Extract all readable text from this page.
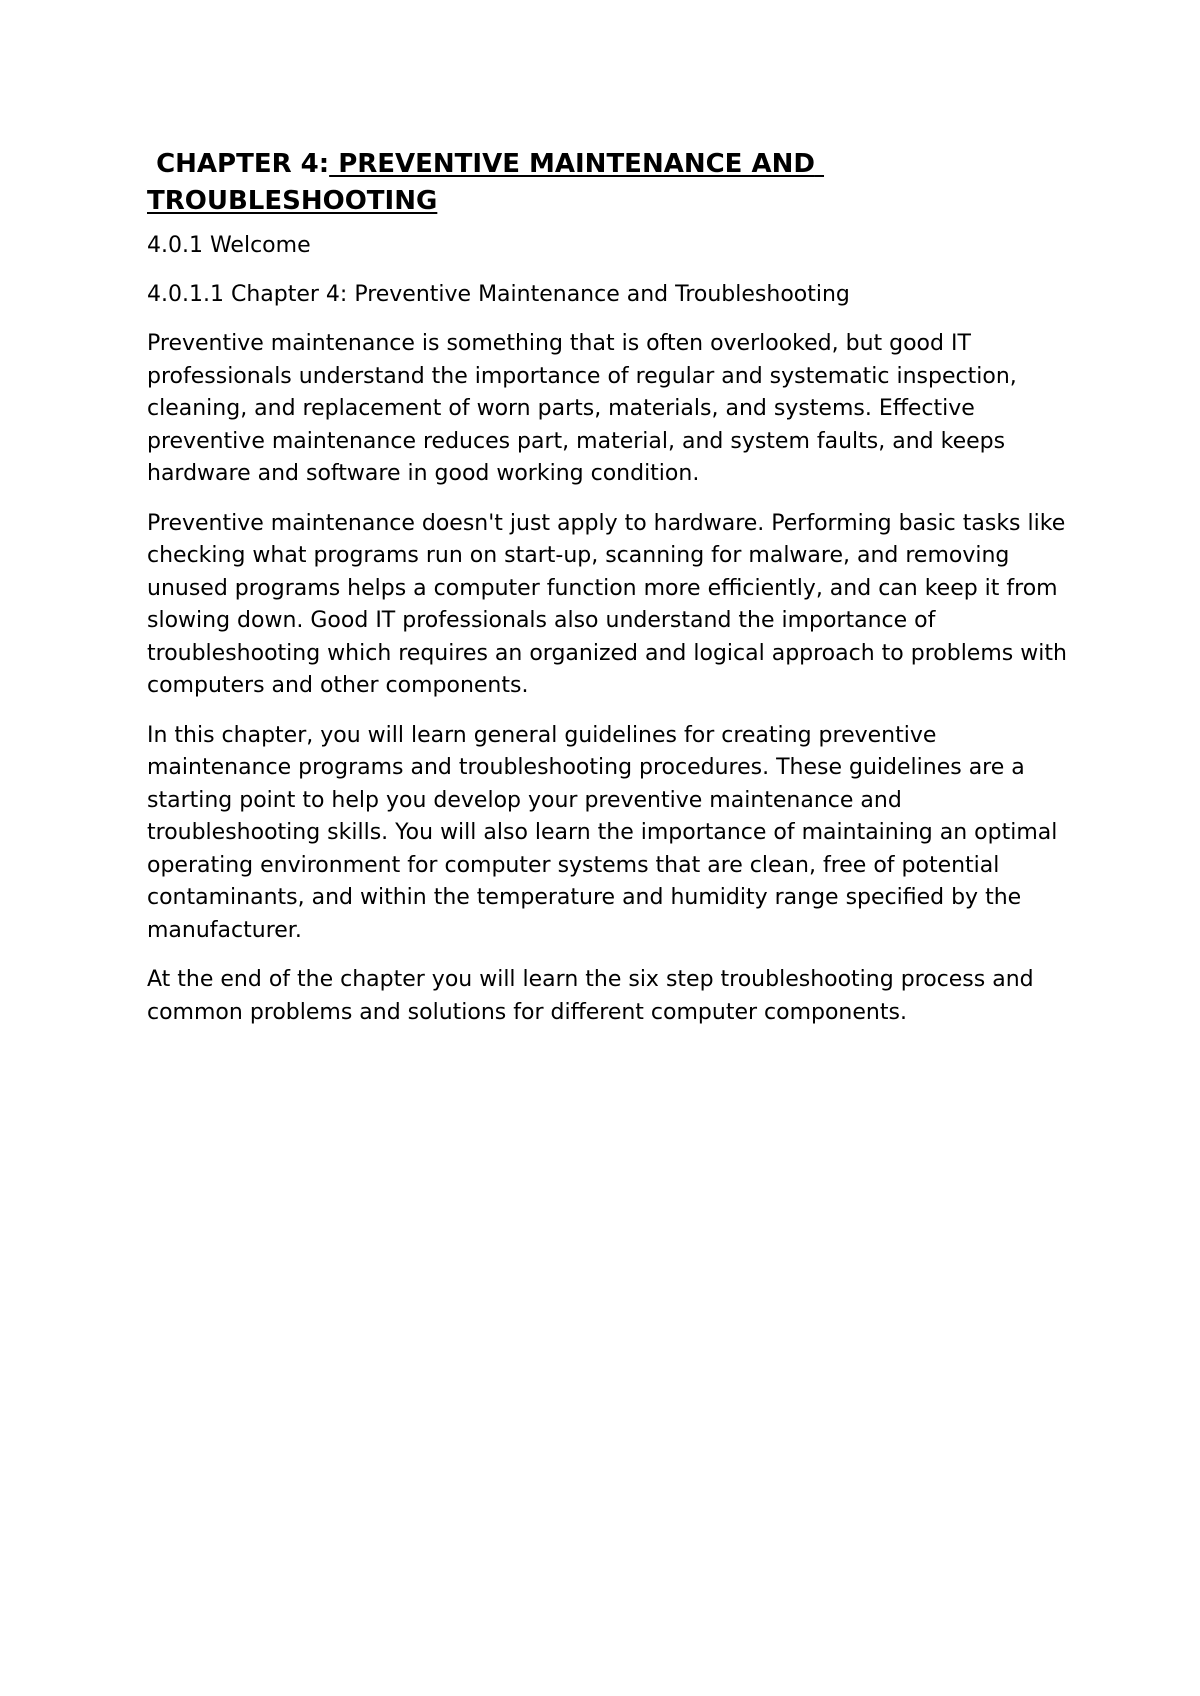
CHAPTER 4: PREVENTIVE MAINTENANCE AND TROUBLESHOOTING

4.0.1 Welcome

4.0.1.1 Chapter 4: Preventive Maintenance and Troubleshooting

Preventive maintenance is something that is often overlooked, but good IT professionals understand the importance of regular and systematic inspection, cleaning, and replacement of worn parts, materials, and systems. Effective preventive maintenance reduces part, material, and system faults, and keeps hardware and software in good working condition.

Preventive maintenance doesn't just apply to hardware. Performing basic tasks like checking what programs run on start-up, scanning for malware, and removing unused programs helps a computer function more efficiently, and can keep it from slowing down. Good IT professionals also understand the importance of troubleshooting which requires an organized and logical approach to problems with computers and other components.

In this chapter, you will learn general guidelines for creating preventive maintenance programs and troubleshooting procedures. These guidelines are a starting point to help you develop your preventive maintenance and troubleshooting skills. You will also learn the importance of maintaining an optimal operating environment for computer systems that are clean, free of potential contaminants, and within the temperature and humidity range specified by the manufacturer.

At the end of the chapter you will learn the six step troubleshooting process and common problems and solutions for different computer components.
